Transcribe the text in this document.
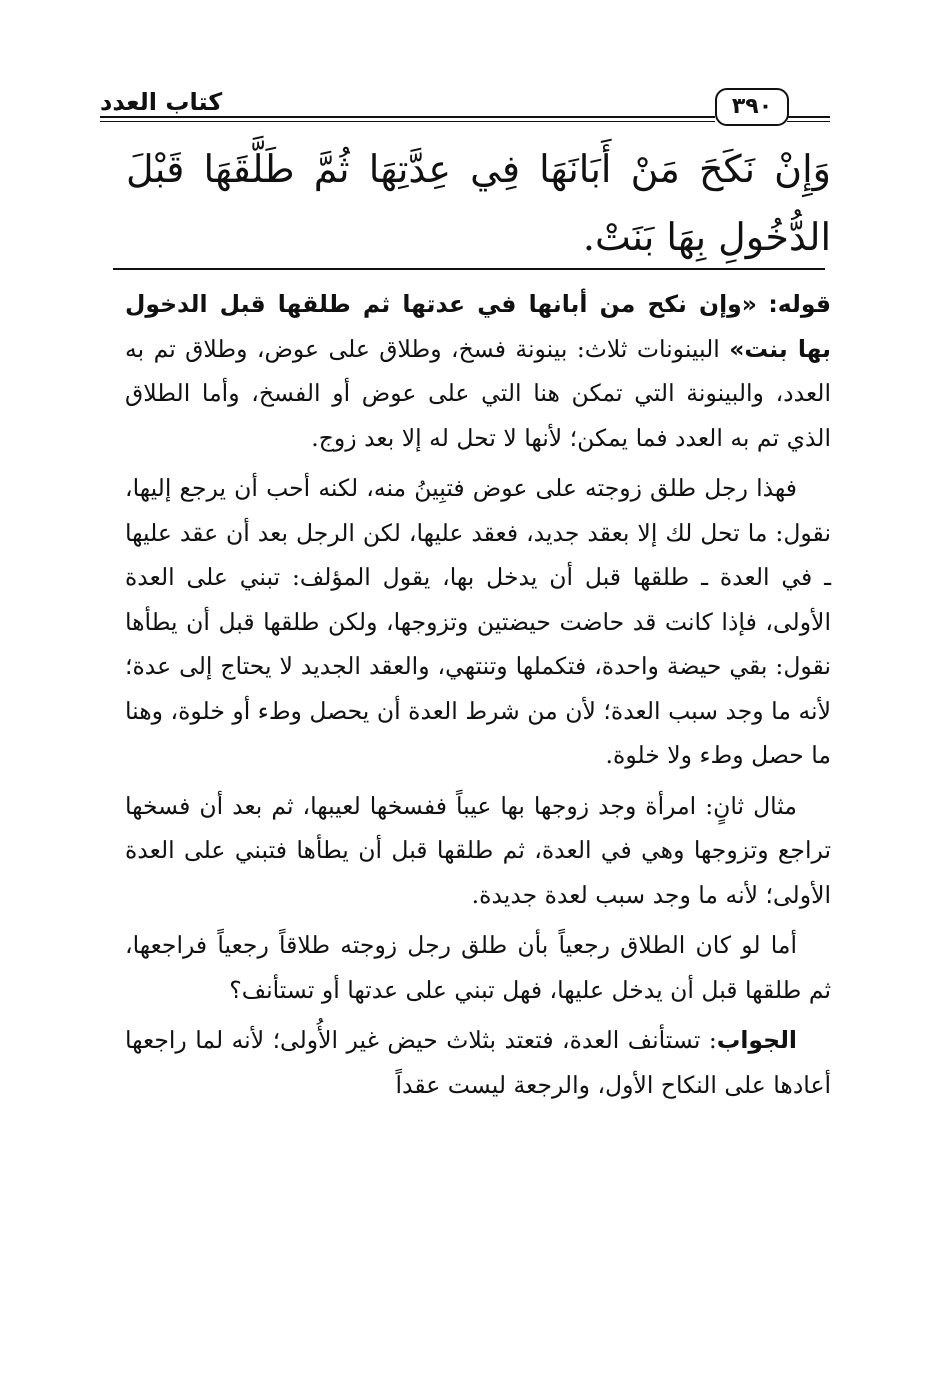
٣٩٠
كتاب العدد
وَإِنْ نَكَحَ مَنْ أَبَانَهَا فِي عِدَّتِهَا ثُمَّ طَلَّقَهَا قَبْلَ الدُّخُولِ بِهَا بَنَتْ.

قوله: «وإن نكح من أبانها في عدتها ثم طلقها قبل الدخول بها بنت» البينونات ثلاث: بينونة فسخ، وطلاق على عوض، وطلاق تم به العدد، والبينونة التي تمكن هنا التي على عوض أو الفسخ، وأما الطلاق الذي تم به العدد فما يمكن؛ لأنها لا تحل له إلا بعد زوج.

فهذا رجل طلق زوجته على عوض فتبِينُ منه، لكنه أحب أن يرجع إليها، نقول: ما تحل لك إلا بعقد جديد، فعقد عليها، لكن الرجل بعد أن عقد عليها ـ في العدة ـ طلقها قبل أن يدخل بها، يقول المؤلف: تبني على العدة الأولى، فإذا كانت قد حاضت حيضتين وتزوجها، ولكن طلقها قبل أن يطأها نقول: بقي حيضة واحدة، فتكملها وتنتهي، والعقد الجديد لا يحتاج إلى عدة؛ لأنه ما وجد سبب العدة؛ لأن من شرط العدة أن يحصل وطء أو خلوة، وهنا ما حصل وطء ولا خلوة.

مثال ثانٍ: امرأة وجد زوجها بها عيباً ففسخها لعيبها، ثم بعد أن فسخها تراجع وتزوجها وهي في العدة، ثم طلقها قبل أن يطأها فتبني على العدة الأولى؛ لأنه ما وجد سبب لعدة جديدة.

أما لو كان الطلاق رجعياً بأن طلق رجل زوجته طلاقاً رجعياً فراجعها، ثم طلقها قبل أن يدخل عليها، فهل تبني على عدتها أو تستأنف؟

الجواب: تستأنف العدة، فتعتد بثلاث حيض غير الأُولى؛ لأنه لما راجعها أعادها على النكاح الأول، والرجعة ليست عقداً
